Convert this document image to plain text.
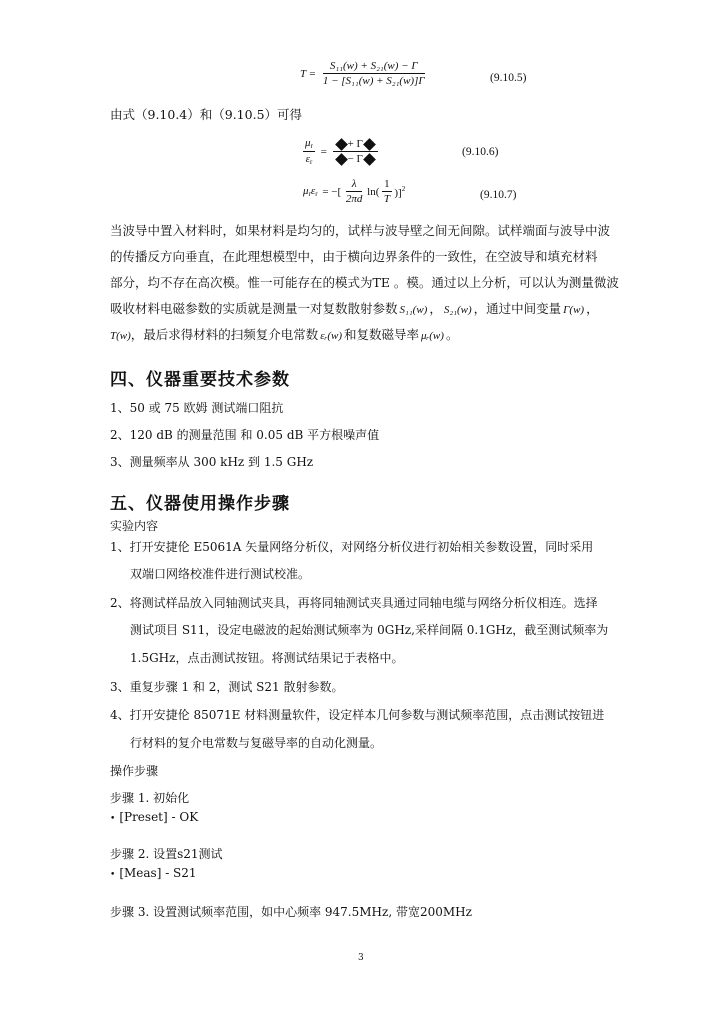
$T = \frac{\text{S₁₁(w) + S₂₁(w) − Γ}}{\text{1 − [S₁₁(w) + S₂₁(w)]Γ}}$	(9.10.5)
由式（9.10.4）和（9.10.5）可得
$\frac{\mu_r}{\varepsilon_r} = \frac{+ \Gamma}{- \Gamma}$	(9.10.6)
$\mu_r\varepsilon_r$ = −[ $\frac{\lambda}{2\pi d} \ln( \frac{1}{T} )]^2$
(9.10.7)
当波导中置入材料时，如果材料是均匀的，试样与波导壁之间无间隙。试样端面与波导中波
的传播反方向垂直，在此理想模型中，由于横向边界条件的一致性，在空波导和填充材料
部分，均不存在高次模。惟一可能存在的模式为TE 。模。通过以上分析，可以认为测量微波
吸收材料电磁参数的实质就是测量一对复数散射参数 S₁₁(w) ， S₂₁(w) ，通过中间变量 Γ(w) ，
T(w)，最后求得材料的扫频复介电常数 εᵣ(w) 和复数磁导率 μᵣ(w) 。
四、仪器重要技术参数
1、50 或 75 欧姆 测试端口阻抗
2、120 dB 的测量范围 和 0.05 dB 平方根噪声值
3、测量频率从 300 kHz 到 1.5 GHz
五、仪器使用操作步骤
实验内容
1、打开安捷伦 E5061A 矢量网络分析仪，对网络分析仪进行初始相关参数设置，同时采用
双端口网络校准件进行测试校准。
2、将测试样品放入同轴测试夹具，再将同轴测试夹具通过同轴电缆与网络分析仪相连。选择
测试项目 S11，设定电磁波的起始测试频率为 0GHz,采样间隔 0.1GHz，截至测试频率为
1.5GHz，点击测试按钮。将测试结果记于表格中。
3、重复步骤 1 和 2，测试 S21 散射参数。
4、打开安捷伦 85071E 材料测量软件，设定样本几何参数与测试频率范围，点击测试按钮进
行材料的复介电常数与复磁导率的自动化测量。
操作步骤
步骤 1. 初始化
• [Preset] - OK
步骤 2. 设置s21测试
• [Meas] - S21
步骤 3. 设置测试频率范围，如中心频率 947.5MHz, 带宽200MHz
3
